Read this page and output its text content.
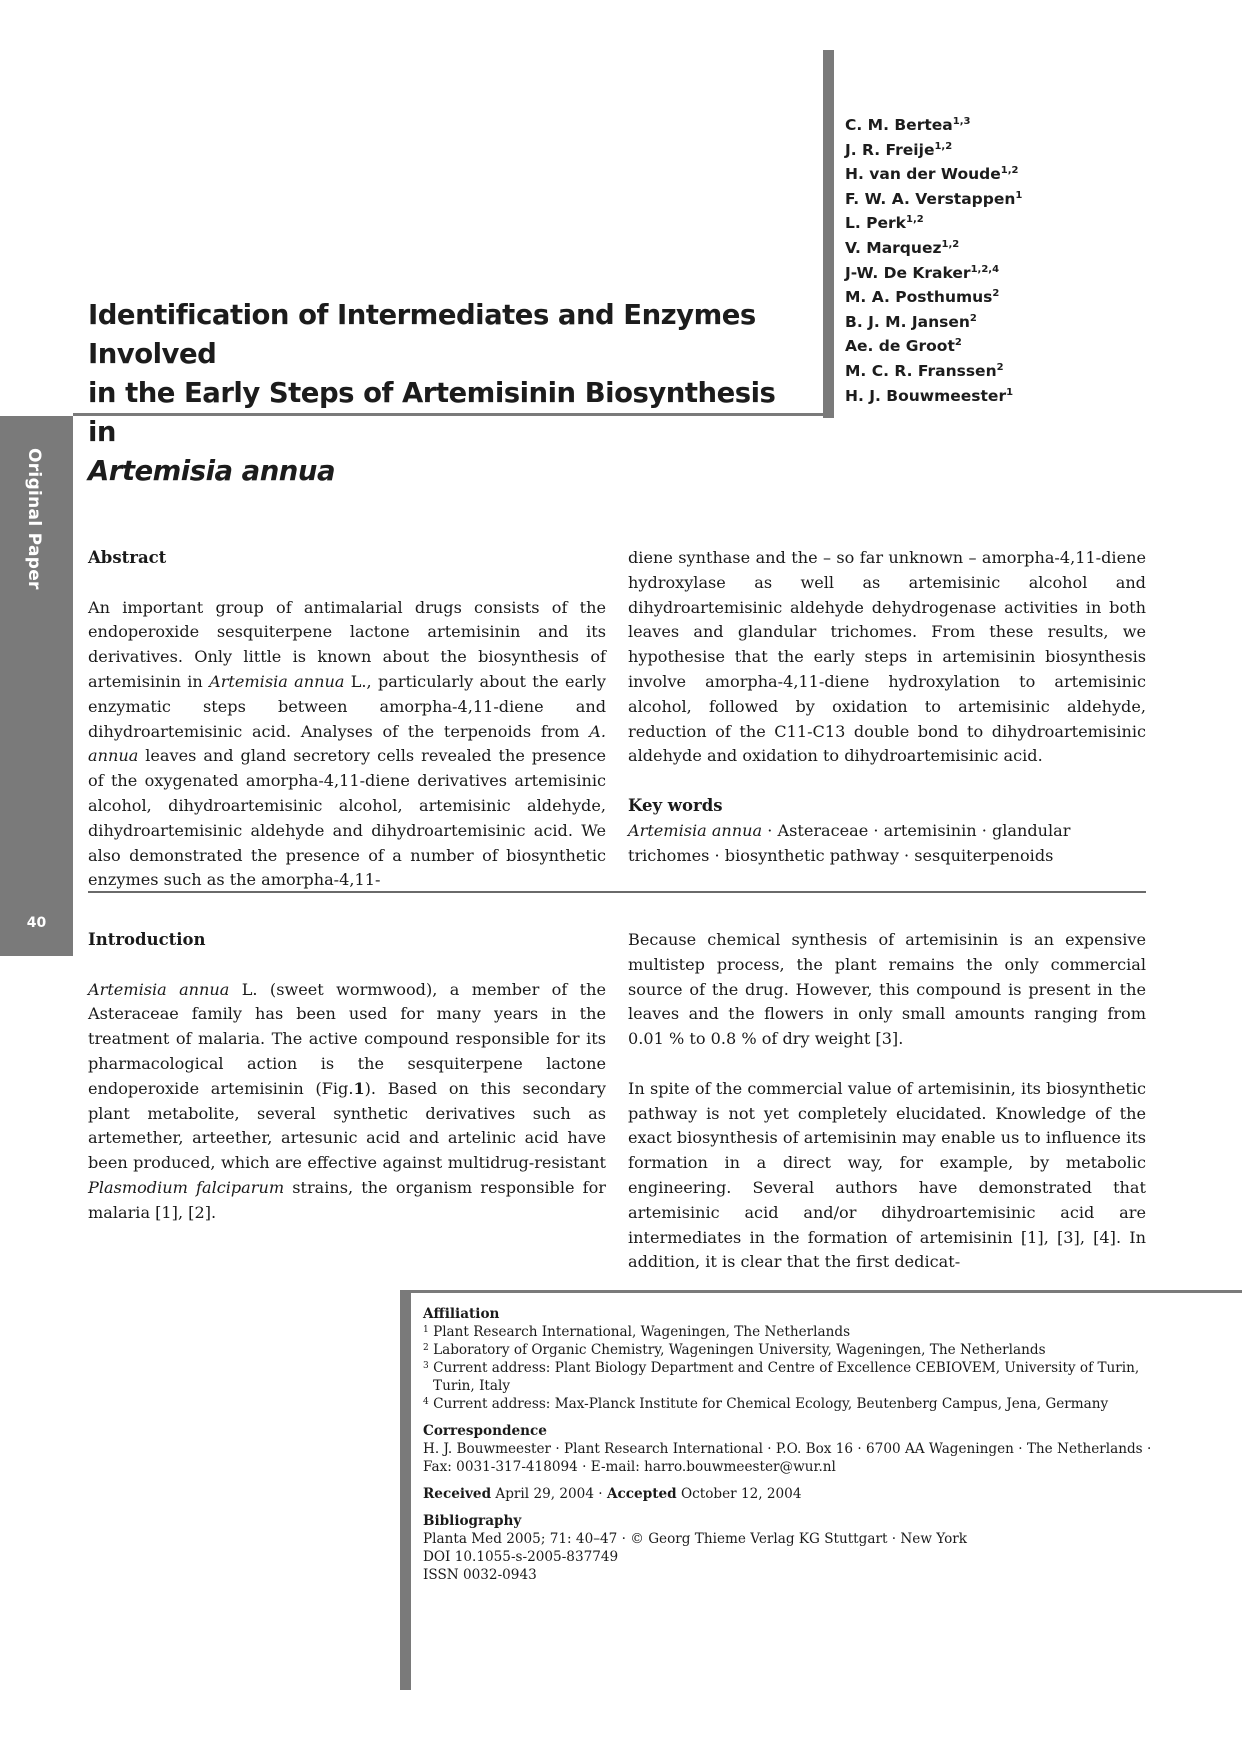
Identification of Intermediates and Enzymes Involved
in the Early Steps of Artemisinin Biosynthesis in
Artemisia annua
C. M. Bertea$^{1,3}$
J. R. Freije$^{1,2}$
H. van der Woude$^{1,2}$
F. W. A. Verstappen$^1$
L. Perk$^{1,2}$
V. Marquez$^{1,2}$
J-W. De Kraker$^{1,2,4}$
M. A. Posthumus$^2$
B. J. M. Jansen$^2$
Ae. de Groot$^2$
M. C. R. Franssen$^2$
H. J. Bouwmeester$^1$
Original Paper
40

Abstract

An important group of antimalarial drugs consists of the endoperoxide sesquiterpene lactone artemisinin and its derivatives. Only little is known about the biosynthesis of artemisinin in Artemisia annua L., particularly about the early enzymatic steps between amorpha-4,11-diene and dihydroartemisinic acid. Analyses of the terpenoids from A. annua leaves and gland secretory cells revealed the presence of the oxygenated amorpha-4,11-diene derivatives artemisinic alcohol, dihydroartemisinic alcohol, artemisinic aldehyde, dihydroartemisinic aldehyde and dihydroartemisinic acid. We also demonstrated the presence of a number of biosynthetic enzymes such as the amorpha-4,11-

diene synthase and the – so far unknown – amorpha-4,11-diene hydroxylase as well as artemisinic alcohol and dihydroartemisinic aldehyde dehydrogenase activities in both leaves and glandular trichomes. From these results, we hypothesise that the early steps in artemisinin biosynthesis involve amorpha-4,11-diene hydroxylation to artemisinic alcohol, followed by oxidation to artemisinic aldehyde, reduction of the C11-C13 double bond to dihydroartemisinic aldehyde and oxidation to dihydroartemisinic acid.

Key words

Artemisia annua · Asteraceae · artemisinin · glandular trichomes · biosynthetic pathway · sesquiterpenoids

Introduction

Artemisia annua L. (sweet wormwood), a member of the Asteraceae family has been used for many years in the treatment of malaria. The active compound responsible for its pharmacological action is the sesquiterpene lactone endoperoxide artemisinin (Fig.1). Based on this secondary plant metabolite, several synthetic derivatives such as artemether, arteether, artesunic acid and artelinic acid have been produced, which are effective against multidrug-resistant Plasmodium falciparum strains, the organism responsible for malaria [1], [2].

Because chemical synthesis of artemisinin is an expensive multistep process, the plant remains the only commercial source of the drug. However, this compound is present in the leaves and the flowers in only small amounts ranging from 0.01 % to 0.8 % of dry weight [3].

In spite of the commercial value of artemisinin, its biosynthetic pathway is not yet completely elucidated. Knowledge of the exact biosynthesis of artemisinin may enable us to influence its formation in a direct way, for example, by metabolic engineering. Several authors have demonstrated that artemisinic acid and/or dihydroartemisinic acid are intermediates in the formation of artemisinin [1], [3], [4]. In addition, it is clear that the first dedicat-

Affiliation

$^1$ Plant Research International, Wageningen, The Netherlands

$^2$ Laboratory of Organic Chemistry, Wageningen University, Wageningen, The Netherlands

$^3$ Current address: Plant Biology Department and Centre of Excellence CEBIOVEM, University of Turin, Turin, Italy

$^4$ Current address: Max-Planck Institute for Chemical Ecology, Beutenberg Campus, Jena, Germany

Correspondence

H. J. Bouwmeester · Plant Research International · P.O. Box 16 · 6700 AA Wageningen · The Netherlands ·

Fax: 0031-317-418094 · E-mail: harro.bouwmeester@wur.nl

Received April 29, 2004 · Accepted October 12, 2004

Bibliography

Planta Med 2005; 71: 40–47 · © Georg Thieme Verlag KG Stuttgart · New York

DOI 10.1055-s-2005-837749

ISSN 0032-0943
